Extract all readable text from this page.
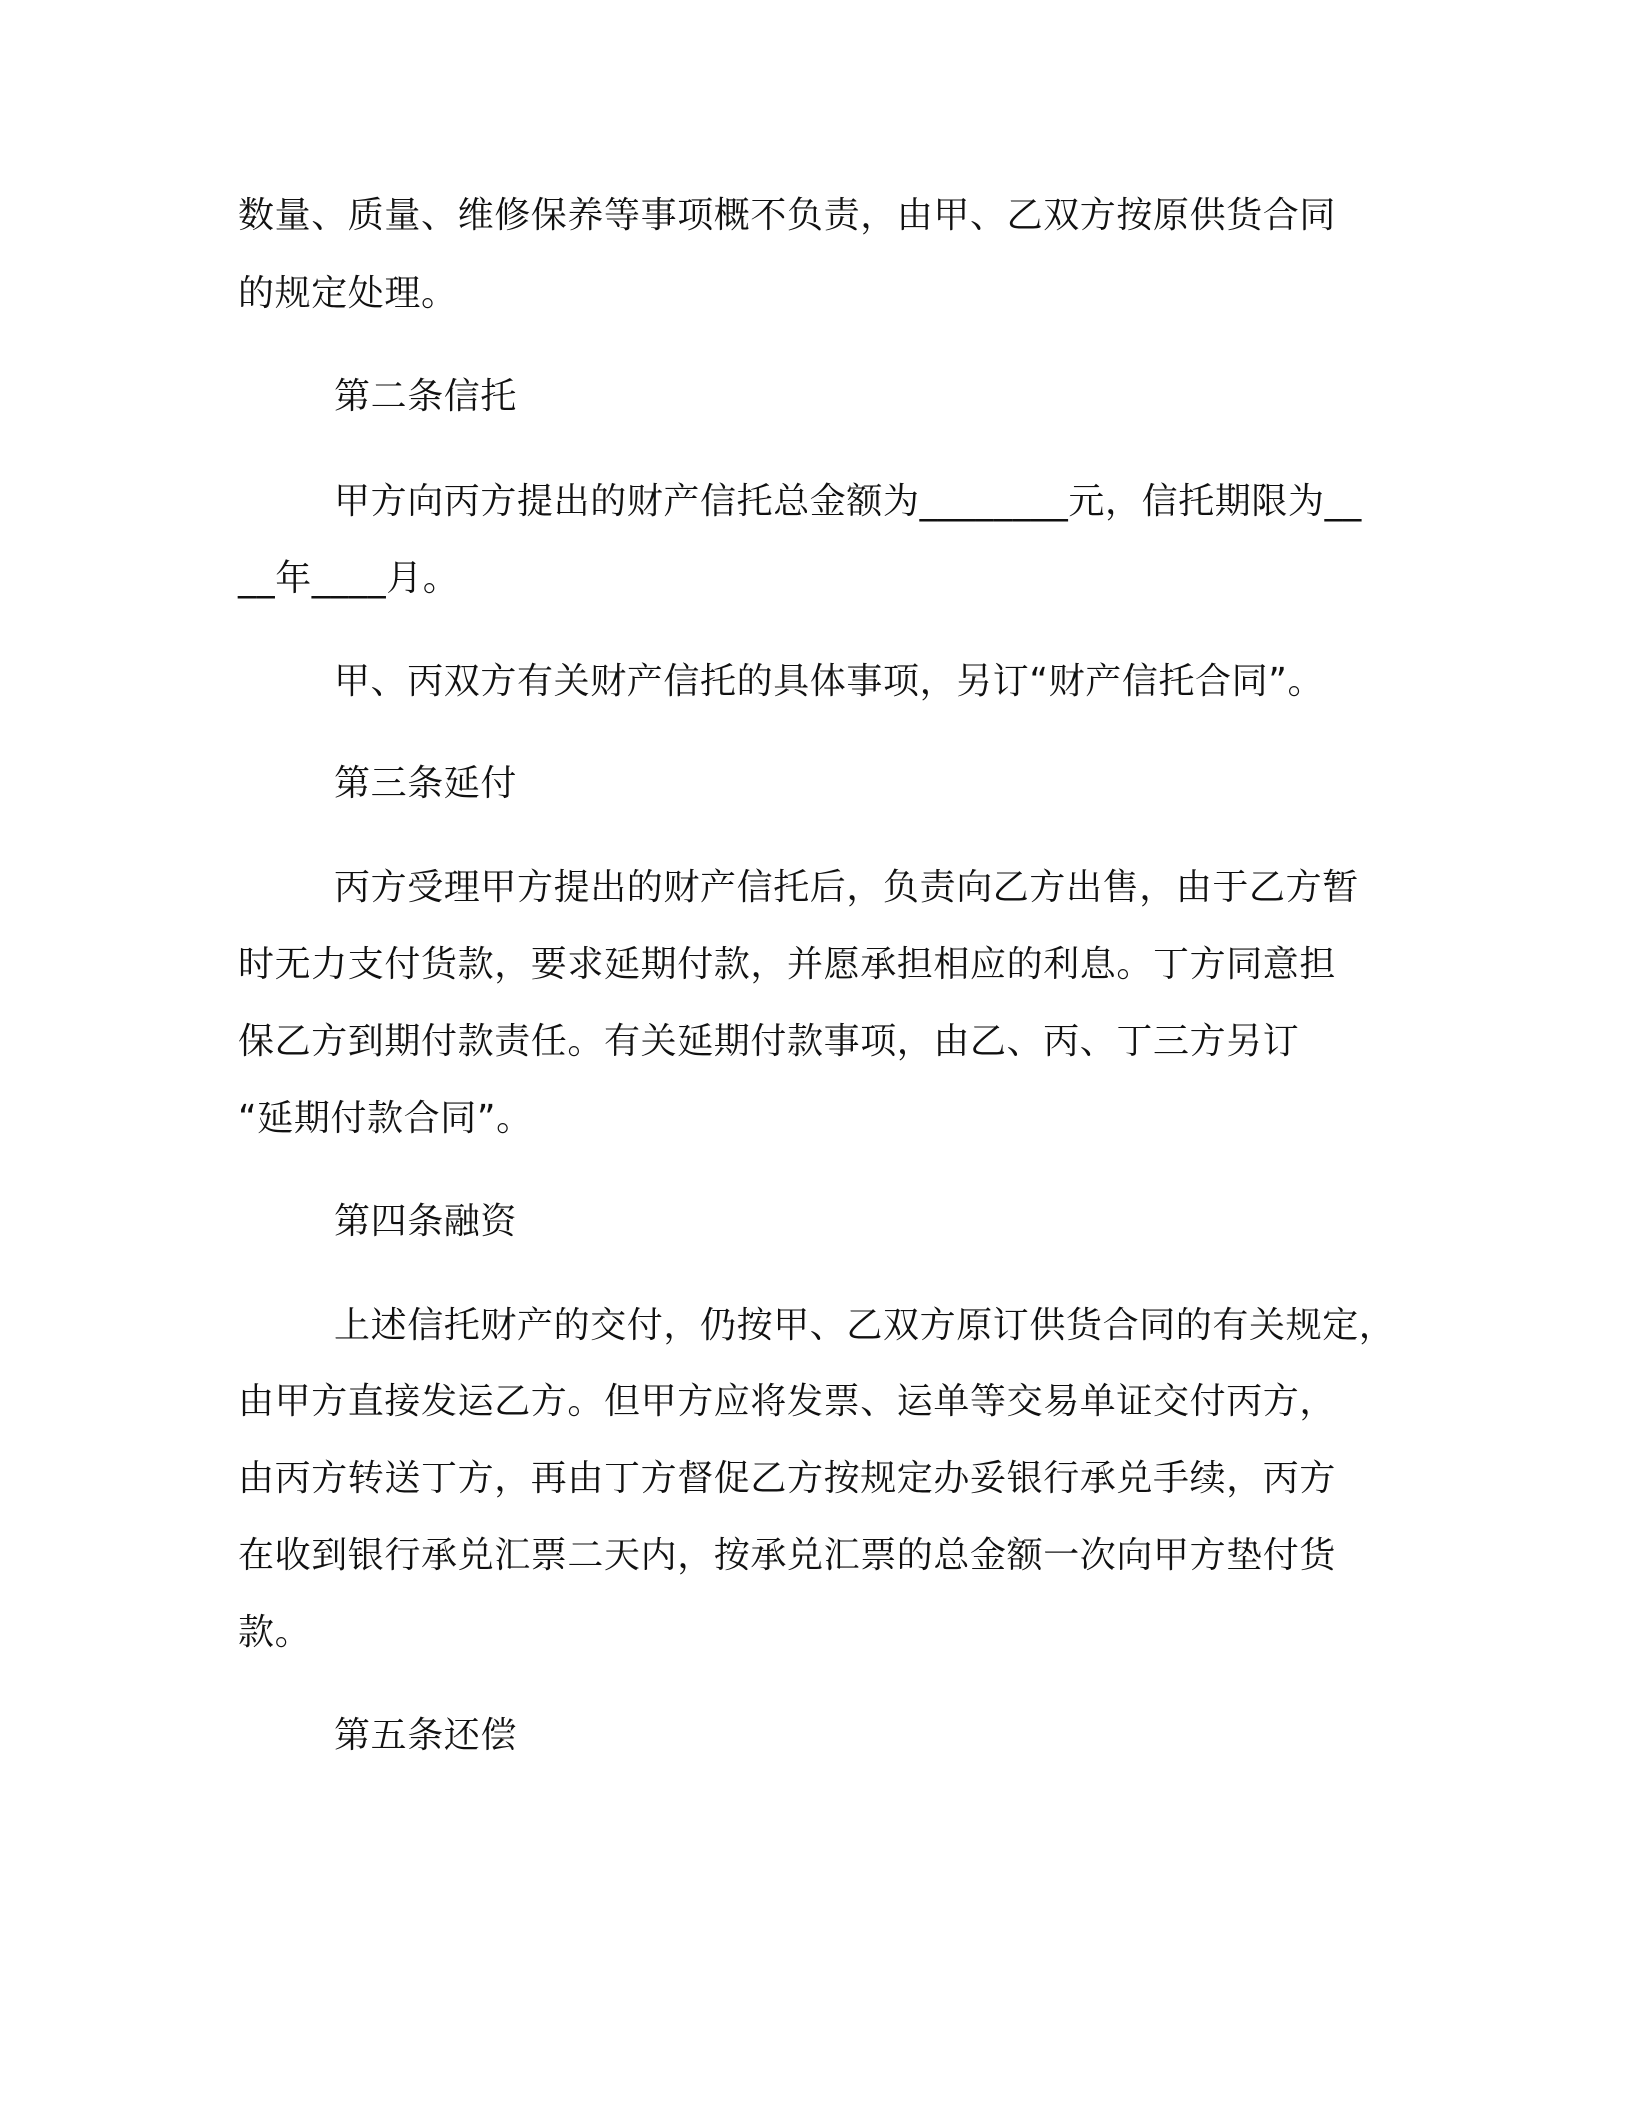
数量、质量、维修保养等事项概不负责，由甲、乙双方按原供货合同
的规定处理。
第二条信托
甲方向丙方提出的财产信托总金额为________元，信托期限为__
__年____月。
甲、丙双方有关财产信托的具体事项，另订“财产信托合同”。
第三条延付
丙方受理甲方提出的财产信托后，负责向乙方出售，由于乙方暂
时无力支付货款，要求延期付款，并愿承担相应的利息。丁方同意担
保乙方到期付款责任。有关延期付款事项，由乙、丙、丁三方另订
“延期付款合同”。
第四条融资
上述信托财产的交付，仍按甲、乙双方原订供货合同的有关规定，
由甲方直接发运乙方。但甲方应将发票、运单等交易单证交付丙方，
由丙方转送丁方，再由丁方督促乙方按规定办妥银行承兑手续，丙方
在收到银行承兑汇票二天内，按承兑汇票的总金额一次向甲方垫付货
款。
第五条还偿
